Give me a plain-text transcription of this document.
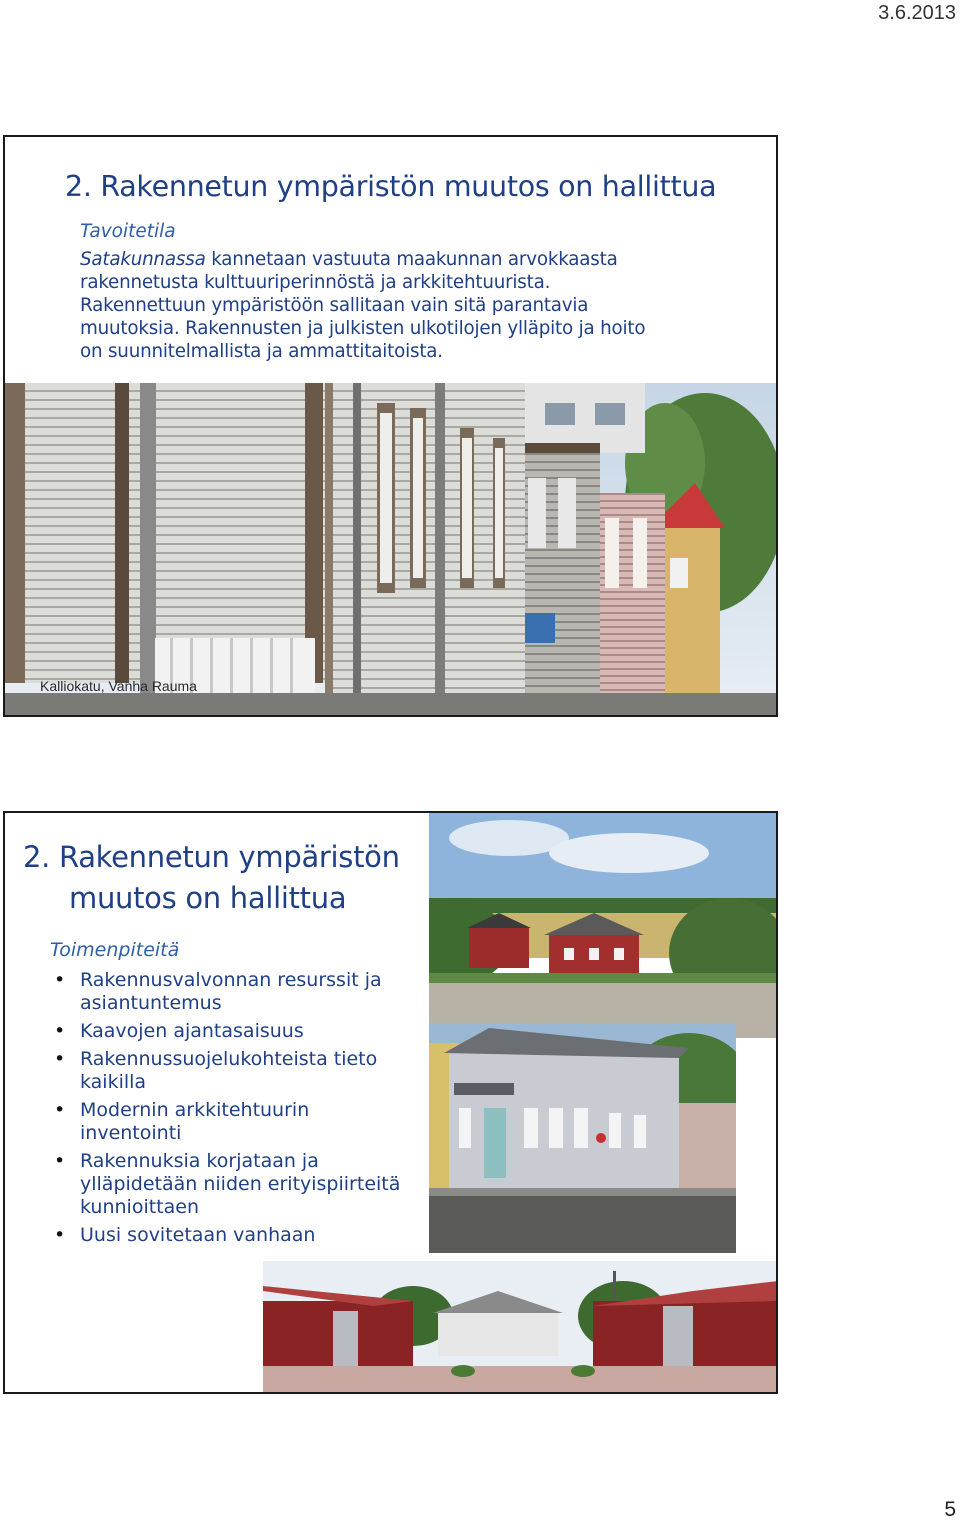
3.6.2013
2. Rakennetun ympäristön muutos on hallittua
Tavoitetila
Satakunnassa kannetaan vastuuta maakunnan arvokkaasta
rakennetusta kulttuuriperinnöstä ja arkkitehtuurista.
Rakennettuun ympäristöön sallitaan vain sitä parantavia
muutoksia. Rakennusten ja julkisten ulkotilojen ylläpito ja hoito
on suunnitelmallista ja ammattitaitoista.
Kalliokatu, Vanha Rauma
2. Rakennetun ympäristön
muutos on hallittua
Toimenpiteitä
• Rakennusvalvonnan resurssit ja asiantuntemus
• Kaavojen ajantasaisuus
• Rakennussuojelukohteista tieto kaikilla
• Modernin arkkitehtuurin inventointi
• Rakennuksia korjataan ja ylläpidetään niiden erityispiirteitä kunnioittaen
• Uusi sovitetaan vanhaan
5
